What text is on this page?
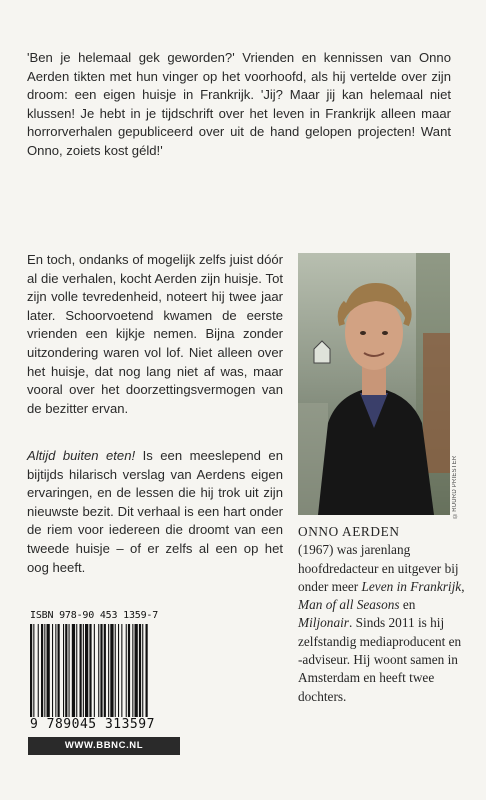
'Ben je helemaal gek geworden?' Vrienden en kennissen van Onno Aerden tikten met hun vinger op het voorhoofd, als hij vertelde over zijn droom: een eigen huisje in Frankrijk. 'Jij? Maar jij kan helemaal niet klussen! Je hebt in je tijdschrift over het leven in Frankrijk alleen maar horrorverhalen gepubliceerd over uit de hand gelopen projecten! Want Onno, zoiets kost géld!'

En toch, ondanks of mogelijk zelfs juist dóór al die verhalen, kocht Aerden zijn huisje. Tot zijn volle tevredenheid, noteert hij twee jaar later. Schoorvoetend kwamen de eerste vrienden een kijkje nemen. Bijna zonder uitzondering waren vol lof. Niet alleen over het huisje, dat nog lang niet af was, maar vooral over het doorzettingsvermogen van de bezitter ervan.

Altijd buiten eten! Is een meeslepend en bijtijds hilarisch verslag van Aerdens eigen ervaringen, en de lessen die hij trok uit zijn nieuwste bezit. Dit verhaal is een hart onder de riem voor iedereen die droomt van een tweede huisje – of er zelfs al een op het oog heeft.

©RUURD PRIESTER

ONNO AERDEN
(1967) was jarenlang hoofdredacteur en uitgever bij onder meer Leven in Frankrijk, Man of all Seasons en Miljonair. Sinds 2011 is hij zelfstandig mediaproducent en -adviseur. Hij woont samen in Amsterdam en heeft twee dochters.

ISBN 978-90 453 1359-7
9 789045 313597
WWW.BBNC.NL
